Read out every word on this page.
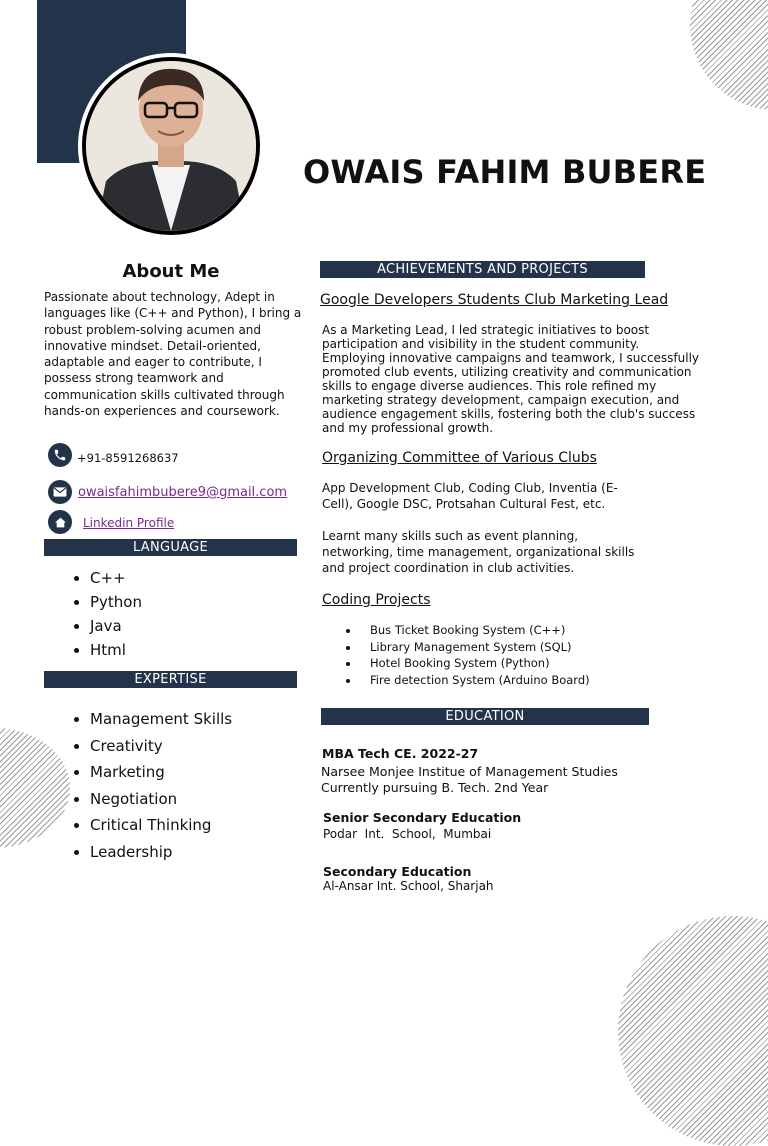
OWAIS FAHIM BUBERE
About Me
Passionate about technology, Adept in languages like (C++ and Python), I bring a robust problem-solving acumen and innovative mindset. Detail-oriented, adaptable and eager to contribute, I possess strong teamwork and communication skills cultivated through hands-on experiences and coursework.
+91-8591268637
owaisfahimbubere9@gmail.com
Linkedin Profile
LANGUAGE
C++
Python
Java
Html
EXPERTISE
Management Skills
Creativity
Marketing
Negotiation
Critical Thinking
Leadership
ACHIEVEMENTS AND PROJECTS
Google Developers Students Club Marketing Lead
As a Marketing Lead, I led strategic initiatives to boost participation and visibility in the student community. Employing innovative campaigns and teamwork, I successfully promoted club events, utilizing creativity and communication skills to engage diverse audiences. This role refined my marketing strategy development, campaign execution, and audience engagement skills, fostering both the club's success and my professional growth.
Organizing Committee of Various Clubs
App Development Club, Coding Club, Inventia (E-Cell), Google DSC, Protsahan Cultural Fest, etc.
Learnt many skills such as event planning, networking, time management, organizational skills and project coordination in club activities.
Coding Projects
Bus Ticket Booking System (C++)
Library Management System (SQL)
Hotel Booking System (Python)
Fire detection System (Arduino Board)
EDUCATION
MBA Tech CE. 2022-27
Narsee Monjee Institue of Management Studies
Currently pursuing B. Tech. 2nd Year
Senior Secondary Education
Podar  Int.  School,  Mumbai
Secondary Education
Al-Ansar Int. School, Sharjah
